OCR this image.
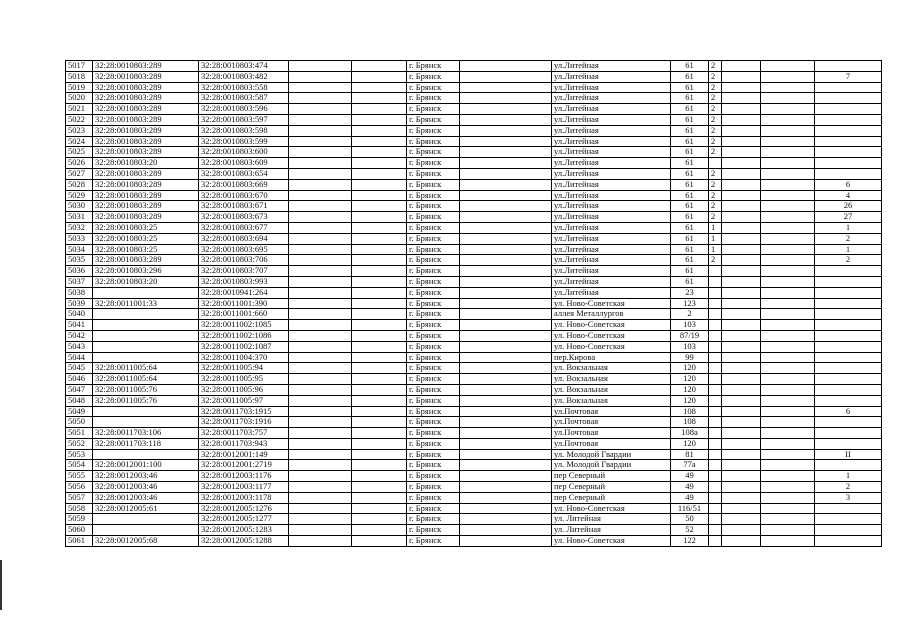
5017	32:28:0010803:289	32:28:0010803:474			г. Брянск		ул.Литейная	61	2			
5018	32:28:0010803:289	32:28:0010803:482			г. Брянск		ул.Литейная	61	2			7
5019	32:28:0010803:289	32:28:0010803:558			г. Брянск		ул.Литейная	61	2			
5020	32:28:0010803:289	32:28:0010803:587			г. Брянск		ул.Литейная	61	2			
5021	32:28:0010803:289	32:28:0010803:596			г. Брянск		ул.Литейная	61	2			
5022	32:28:0010803:289	32:28:0010803:597			г. Брянск		ул.Литейная	61	2			
5023	32:28:0010803:289	32:28:0010803:598			г. Брянск		ул.Литейная	61	2			
5024	32:28:0010803:289	32:28:0010803:599			г. Брянск		ул.Литейная	61	2			
5025	32:28:0010803:289	32:28:0010803:600			г. Брянск		ул.Литейная	61	2			
5026	32:28:0010803:20	32:28:0010803:609			г. Брянск		ул.Литейная	61				
5027	32:28:0010803:289	32:28:0010803:654			г. Брянск		ул.Литейная	61	2			
5028	32:28:0010803:289	32:28:0010803:669			г. Брянск		ул.Литейная	61	2			6
5029	32:28:0010803:289	32:28:0010803:670			г. Брянск		ул.Литейная	61	2			4
5030	32:28:0010803:289	32:28:0010803:671			г. Брянск		ул.Литейная	61	2			26
5031	32:28:0010803:289	32:28:0010803:673			г. Брянск		ул.Литейная	61	2			27
5032	32:28:0010803:25	32:28:0010803:677			г. Брянск		ул.Литейная	61	1			1
5033	32:28:0010803:25	32:28:0010803:694			г. Брянск		ул.Литейная	61	1			2
5034	32:28:0010803:25	32:28:0010803:695			г. Брянск		ул.Литейная	61	1			1
5035	32:28:0010803:289	32:28:0010803:706			г. Брянск		ул.Литейная	61	2			2
5036	32:28:0010803:296	32:28:0010803:707			г. Брянск		ул.Литейная	61				
5037	32:28:0010803:20	32:28:0010803:993			г. Брянск		ул.Литейная	61				
5038		32:28:0010941:264			г. Брянск		ул.Литейная	23				
5039	32:28:0011001:33	32:28:0011001:390			г. Брянск		ул. Ново-Советская	123				
5040		32:28:0011001:660			г. Брянск		аллея Металлургов	2				
5041		32:28:0011002:1085			г. Брянск		ул. Ново-Советская	103				
5042		32:28:0011002:1086			г. Брянск		ул. Ново-Советская	87/19				
5043		32:28:0011002:1087			г. Брянск		ул. Ново-Советская	103				
5044		32:28:0011004:370			г. Брянск		пер.Кирова	99				
5045	32:28:0011005:64	32:28:0011005:94			г. Брянск		ул. Вокзальная	120				
5046	32:28:0011005:64	32:28:0011005:95			г. Брянск		ул. Вокзальная	120				
5047	32:28:0011005:76	32:28:0011005:96			г. Брянск		ул. Вокзальная	120				
5048	32:28:0011005:76	32:28:0011005:97			г. Брянск		ул. Вокзальная	120				
5049		32:28:0011703:1915			г. Брянск		ул.Почтовая	108				6
5050		32:28:0011703:1916			г. Брянск		ул.Почтовая	108				
5051	32:28:0011703:106	32:28:0011703:757			г. Брянск		ул.Почтовая	108а				
5052	32:28:0011703:118	32:28:0011703:943			г. Брянск		ул.Почтовая	120				
5053		32:28:0012001:149			г. Брянск		ул. Молодой Гвардии	81				II
5054	32:28:0012001:100	32:28:0012001:2719			г. Брянск		ул. Молодой Гвардии	77а				
5055	32:28:0012003:46	32:28:0012003:1176			г. Брянск		пер Северный	49				1
5056	32:28:0012003:46	32:28:0012003:1177			г. Брянск		пер Северный	49				2
5057	32:28:0012003:46	32:28:0012003:1178			г. Брянск		пер Северный	49				3
5058	32:28:0012005:61	32:28:0012005:1276			г. Брянск		ул. Ново-Советская	116/51				
5059		32:28:0012005:1277			г. Брянск		ул. Литейная	50				
5060		32:28:0012005:1283			г. Брянск		ул. Литейная	52				
5061	32:28:0012005:68	32:28:0012005:1288			г. Брянск		ул. Ново-Советская	122				
